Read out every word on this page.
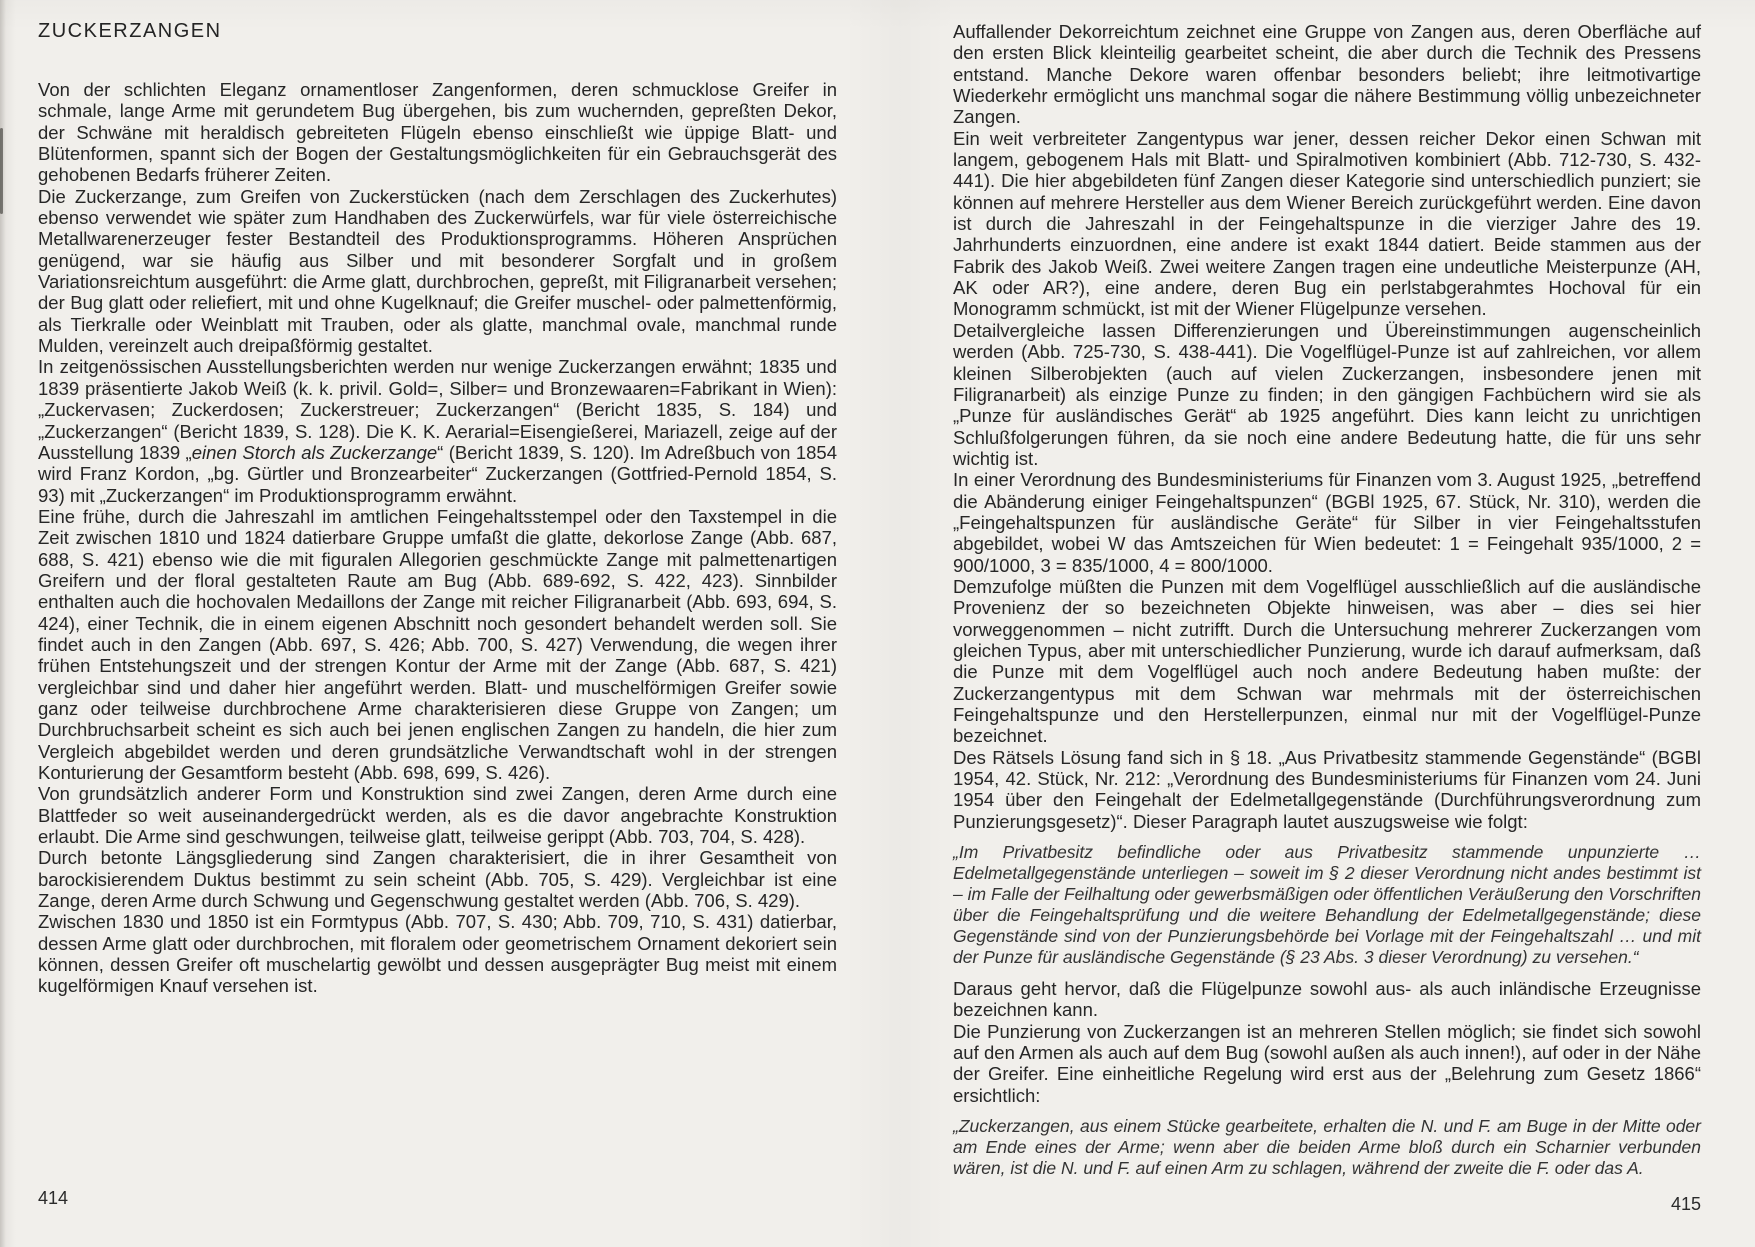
ZUCKERZANGEN

Von der schlichten Eleganz ornamentloser Zangenformen, deren schmucklose Greifer in schmale, lange Arme mit gerundetem Bug übergehen, bis zum wuchernden, gepreßten Dekor, der Schwäne mit heraldisch gebreiteten Flügeln ebenso einschließt wie üppige Blatt- und Blütenformen, spannt sich der Bogen der Gestaltungsmöglichkeiten für ein Gebrauchsgerät des gehobenen Bedarfs früherer Zeiten.

Die Zuckerzange, zum Greifen von Zuckerstücken (nach dem Zerschlagen des Zuckerhutes) ebenso verwendet wie später zum Handhaben des Zuckerwürfels, war für viele österreichische Metallwarenerzeuger fester Bestandteil des Produktionsprogramms. Höheren Ansprüchen genügend, war sie häufig aus Silber und mit besonderer Sorgfalt und in großem Variationsreichtum ausgeführt: die Arme glatt, durchbrochen, gepreßt, mit Filigranarbeit versehen; der Bug glatt oder reliefiert, mit und ohne Kugelknauf; die Greifer muschel- oder palmettenförmig, als Tierkralle oder Weinblatt mit Trauben, oder als glatte, manchmal ovale, manchmal runde Mulden, vereinzelt auch dreipaßförmig gestaltet.

In zeitgenössischen Ausstellungsberichten werden nur wenige Zuckerzangen erwähnt; 1835 und 1839 präsentierte Jakob Weiß (k. k. privil. Gold=, Silber= und Bronzewaaren=Fabrikant in Wien): „Zuckervasen; Zuckerdosen; Zuckerstreuer; Zuckerzangen“ (Bericht 1835, S. 184) und „Zuckerzangen“ (Bericht 1839, S. 128). Die K. K. Aerarial=Eisengießerei, Mariazell, zeige auf der Ausstellung 1839 „einen Storch als Zuckerzange“ (Bericht 1839, S. 120). Im Adreßbuch von 1854 wird Franz Kordon, „bg. Gürtler und Bronzearbeiter“ Zuckerzangen (Gottfried-Pernold 1854, S. 93) mit „Zuckerzangen“ im Produktionsprogramm erwähnt.

Eine frühe, durch die Jahreszahl im amtlichen Feingehaltsstempel oder den Taxstempel in die Zeit zwischen 1810 und 1824 datierbare Gruppe umfaßt die glatte, dekorlose Zange (Abb. 687, 688, S. 421) ebenso wie die mit figuralen Allegorien geschmückte Zange mit palmettenartigen Greifern und der floral gestalteten Raute am Bug (Abb. 689-692, S. 422, 423). Sinnbilder enthalten auch die hochovalen Medaillons der Zange mit reicher Filigranarbeit (Abb. 693, 694, S. 424), einer Technik, die in einem eigenen Abschnitt noch gesondert behandelt werden soll. Sie findet auch in den Zangen (Abb. 697, S. 426; Abb. 700, S. 427) Verwendung, die wegen ihrer frühen Entstehungszeit und der strengen Kontur der Arme mit der Zange (Abb. 687, S. 421) vergleichbar sind und daher hier angeführt werden. Blatt- und muschelförmigen Greifer sowie ganz oder teilweise durchbrochene Arme charakterisieren diese Gruppe von Zangen; um Durchbruchsarbeit scheint es sich auch bei jenen englischen Zangen zu handeln, die hier zum Vergleich abgebildet werden und deren grundsätzliche Verwandtschaft wohl in der strengen Konturierung der Gesamtform besteht (Abb. 698, 699, S. 426).

Von grundsätzlich anderer Form und Konstruktion sind zwei Zangen, deren Arme durch eine Blattfeder so weit auseinandergedrückt werden, als es die davor angebrachte Konstruktion erlaubt. Die Arme sind geschwungen, teilweise glatt, teilweise gerippt (Abb. 703, 704, S. 428).

Durch betonte Längsgliederung sind Zangen charakterisiert, die in ihrer Gesamtheit von barockisierendem Duktus bestimmt zu sein scheint (Abb. 705, S. 429). Vergleichbar ist eine Zange, deren Arme durch Schwung und Gegenschwung gestaltet werden (Abb. 706, S. 429).

Zwischen 1830 und 1850 ist ein Formtypus (Abb. 707, S. 430; Abb. 709, 710, S. 431) datierbar, dessen Arme glatt oder durchbrochen, mit floralem oder geometrischem Ornament dekoriert sein können, dessen Greifer oft muschelartig gewölbt und dessen ausgeprägter Bug meist mit einem kugelförmigen Knauf versehen ist.

Auffallender Dekorreichtum zeichnet eine Gruppe von Zangen aus, deren Oberfläche auf den ersten Blick kleinteilig gearbeitet scheint, die aber durch die Technik des Pressens entstand. Manche Dekore waren offenbar besonders beliebt; ihre leitmotivartige Wiederkehr ermöglicht uns manchmal sogar die nähere Bestimmung völlig unbezeichneter Zangen.

Ein weit verbreiteter Zangentypus war jener, dessen reicher Dekor einen Schwan mit langem, gebogenem Hals mit Blatt- und Spiralmotiven kombiniert (Abb. 712-730, S. 432-441). Die hier abgebildeten fünf Zangen dieser Kategorie sind unterschiedlich punziert; sie können auf mehrere Hersteller aus dem Wiener Bereich zurückgeführt werden. Eine davon ist durch die Jahreszahl in der Feingehaltspunze in die vierziger Jahre des 19. Jahrhunderts einzuordnen, eine andere ist exakt 1844 datiert. Beide stammen aus der Fabrik des Jakob Weiß. Zwei weitere Zangen tragen eine undeutliche Meisterpunze (AH, AK oder AR?), eine andere, deren Bug ein perlstabgerahmtes Hochoval für ein Monogramm schmückt, ist mit der Wiener Flügelpunze versehen.

Detailvergleiche lassen Differenzierungen und Übereinstimmungen augenscheinlich werden (Abb. 725-730, S. 438-441). Die Vogelflügel-Punze ist auf zahlreichen, vor allem kleinen Silberobjekten (auch auf vielen Zuckerzangen, insbesondere jenen mit Filigranarbeit) als einzige Punze zu finden; in den gängigen Fachbüchern wird sie als „Punze für ausländisches Gerät“ ab 1925 angeführt. Dies kann leicht zu unrichtigen Schlußfolgerungen führen, da sie noch eine andere Bedeutung hatte, die für uns sehr wichtig ist.

In einer Verordnung des Bundesministeriums für Finanzen vom 3. August 1925, „betreffend die Abänderung einiger Feingehaltspunzen“ (BGBl 1925, 67. Stück, Nr. 310), werden die „Feingehaltspunzen für ausländische Geräte“ für Silber in vier Feingehaltsstufen abgebildet, wobei W das Amtszeichen für Wien bedeutet: 1 = Feingehalt 935/1000, 2 = 900/1000, 3 = 835/1000, 4 = 800/1000.

Demzufolge müßten die Punzen mit dem Vogelflügel ausschließlich auf die ausländische Provenienz der so bezeichneten Objekte hinweisen, was aber – dies sei hier vorweggenommen – nicht zutrifft. Durch die Untersuchung mehrerer Zuckerzangen vom gleichen Typus, aber mit unterschiedlicher Punzierung, wurde ich darauf aufmerksam, daß die Punze mit dem Vogelflügel auch noch andere Bedeutung haben mußte: der Zuckerzangentypus mit dem Schwan war mehrmals mit der österreichischen Feingehaltspunze und den Herstellerpunzen, einmal nur mit der Vogelflügel-Punze bezeichnet.

Des Rätsels Lösung fand sich in § 18. „Aus Privatbesitz stammende Gegenstände“ (BGBl 1954, 42. Stück, Nr. 212: „Verordnung des Bundesministeriums für Finanzen vom 24. Juni 1954 über den Feingehalt der Edelmetallgegenstände (Durchführungsverordnung zum Punzierungsgesetz)“. Dieser Paragraph lautet auszugsweise wie folgt:

„Im Privatbesitz befindliche oder aus Privatbesitz stammende unpunzierte … Edelmetallgegenstände unterliegen – soweit im § 2 dieser Verordnung nicht andes bestimmt ist – im Falle der Feilhaltung oder gewerbsmäßigen oder öffentlichen Veräußerung den Vorschriften über die Feingehaltsprüfung und die weitere Behandlung der Edelmetallgegenstände; diese Gegenstände sind von der Punzierungsbehörde bei Vorlage mit der Feingehaltszahl … und mit der Punze für ausländische Gegenstände (§ 23 Abs. 3 dieser Verordnung) zu versehen.“

Daraus geht hervor, daß die Flügelpunze sowohl aus- als auch inländische Erzeugnisse bezeichnen kann.

Die Punzierung von Zuckerzangen ist an mehreren Stellen möglich; sie findet sich sowohl auf den Armen als auch auf dem Bug (sowohl außen als auch innen!), auf oder in der Nähe der Greifer. Eine einheitliche Regelung wird erst aus der „Belehrung zum Gesetz 1866“ ersichtlich:

„Zuckerzangen, aus einem Stücke gearbeitete, erhalten die N. und F. am Buge in der Mitte oder am Ende eines der Arme; wenn aber die beiden Arme bloß durch ein Scharnier verbunden wären, ist die N. und F. auf einen Arm zu schlagen, während der zweite die F. oder das A.

414	415
